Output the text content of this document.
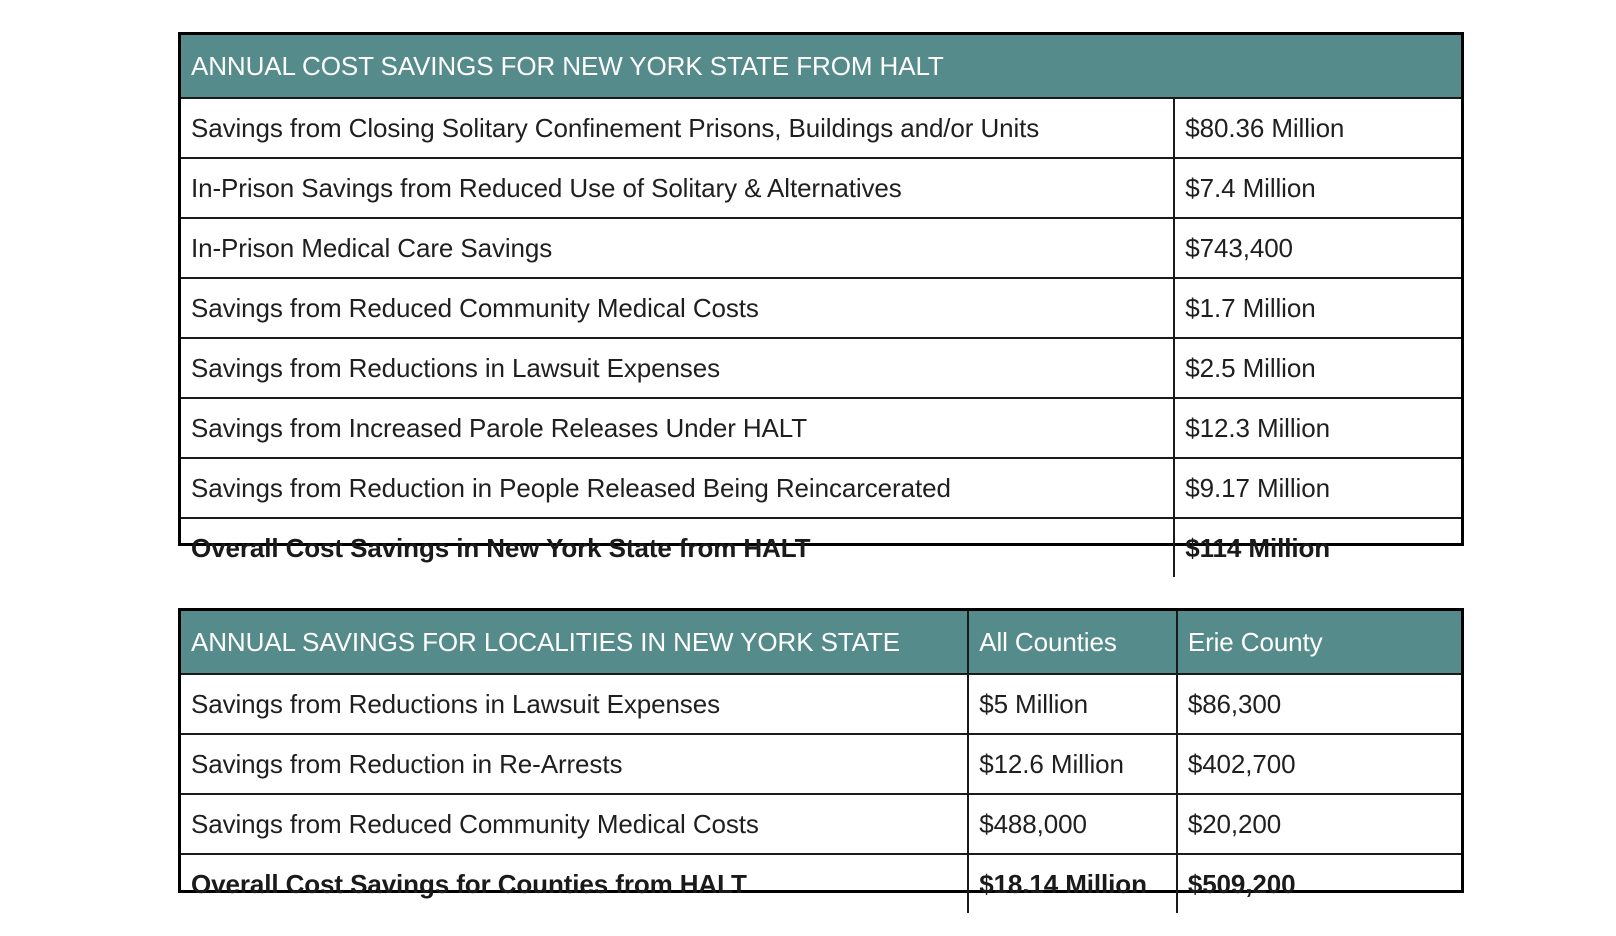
ANNUAL COST SAVINGS FOR NEW YORK STATE FROM HALT	
Savings from Closing Solitary Confinement Prisons, Buildings and/or Units	$80.36 Million
In-Prison Savings from Reduced Use of Solitary & Alternatives	$7.4 Million
In-Prison Medical Care Savings	$743,400
Savings from Reduced Community Medical Costs	$1.7 Million
Savings from Reductions in Lawsuit Expenses	$2.5 Million
Savings from Increased Parole Releases Under HALT	$12.3 Million
Savings from Reduction in People Released Being Reincarcerated	$9.17 Million
Overall Cost Savings in New York State from HALT	$114 Million
ANNUAL SAVINGS FOR LOCALITIES IN NEW YORK STATE	All Counties	Erie County
Savings from Reductions in Lawsuit Expenses	$5 Million	$86,300
Savings from Reduction in Re-Arrests	$12.6 Million	$402,700
Savings from Reduced Community Medical Costs	$488,000	$20,200
Overall Cost Savings for Counties from HALT	$18.14 Million	$509,200
